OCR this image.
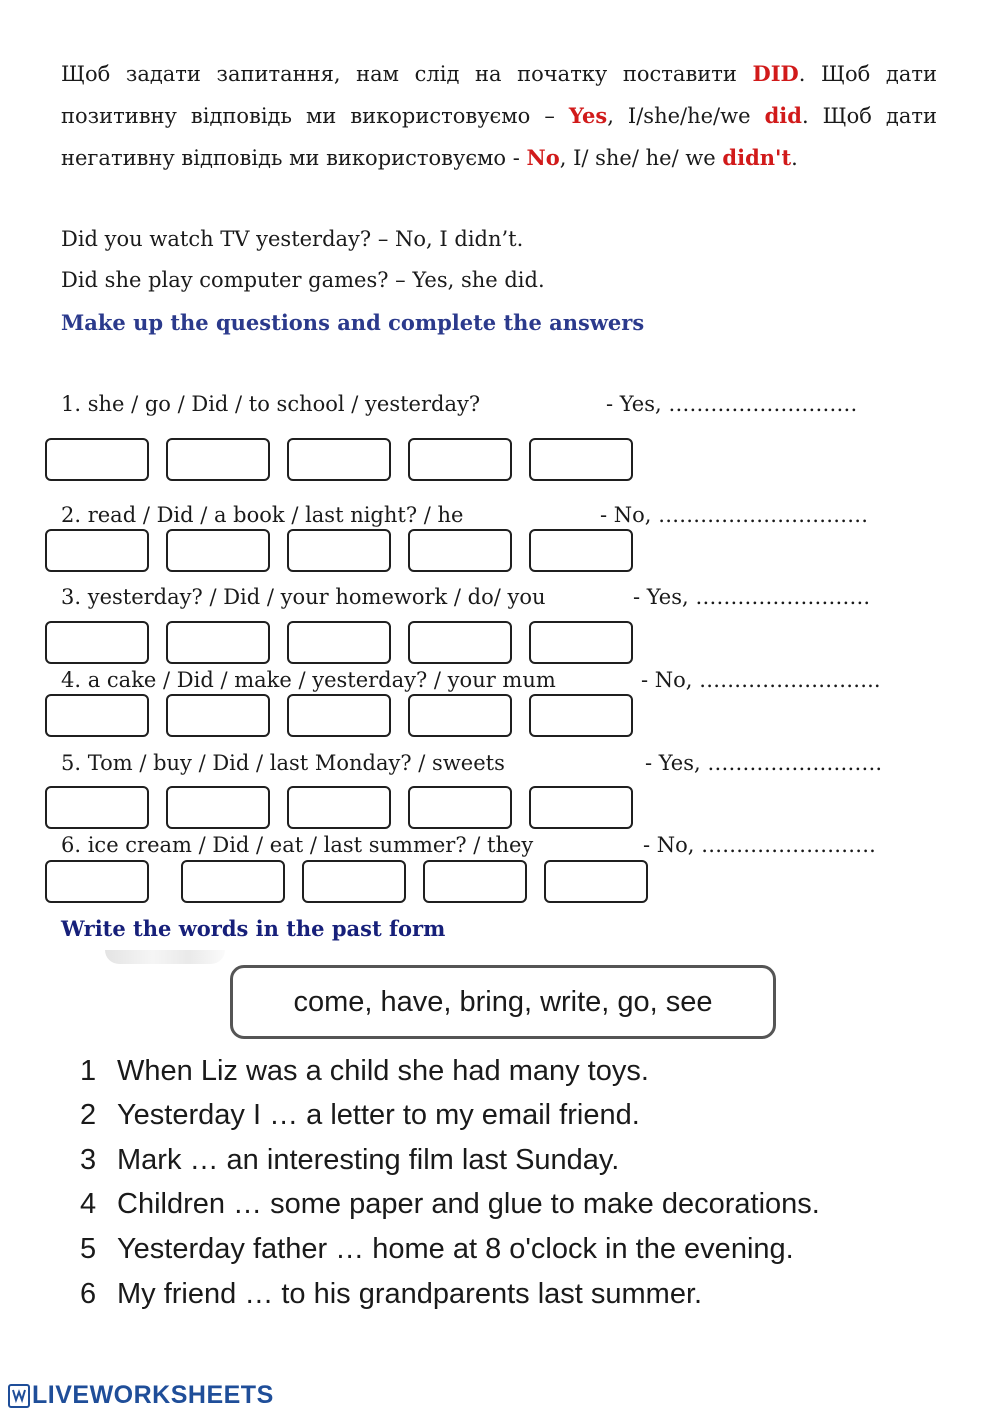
Щоб задати запитання, нам слід на початку поставити DID. Щоб дати позитивну відповідь ми використовуємо – Yes, I/she/he/we did. Щоб дати негативну відповідь ми використовуємо - No, I/ she/ he/ we didn't.
Did you watch TV yesterday? – No, I didn’t.
Did she play computer games? – Yes, she did.
Make up the questions and complete the answers
1. she / go / Did / to school / yesterday?	- Yes, ………………………
2. read / Did / a book / last night? / he	- No, …………………………
3. yesterday? / Did / your homework / do/ you	- Yes, …………………….
4. a cake / Did / make / yesterday? / your mum	- No, ……………………..
5. Tom / buy / Did / last Monday? / sweets	- Yes, …………………….
6. ice cream / Did / eat / last summer? / they	- No, …………………….
Write the words in the past form
come, have, bring, write, go, see
1 When Liz was a child she had many toys.
2 Yesterday I … a letter to my email friend.
3 Mark … an interesting film last Sunday.
4 Children … some paper and glue to make decorations.
5 Yesterday father … home at 8 o'clock in the evening.
6 My friend … to his grandparents last summer.
LIVEWORKSHEETS
